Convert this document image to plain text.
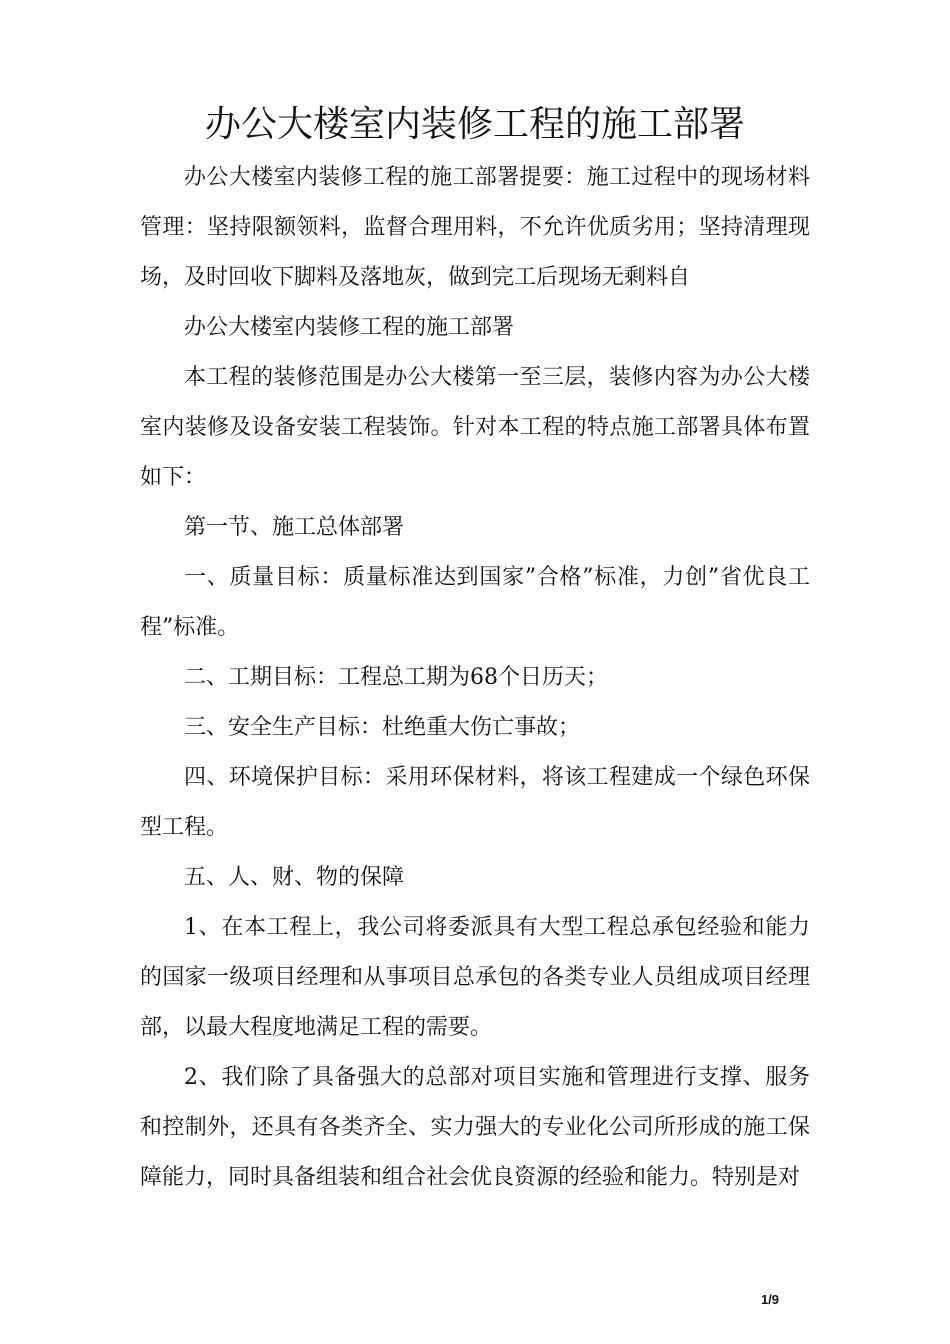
办公大楼室内装修工程的施工部署

办公大楼室内装修工程的施工部署提要：施工过程中的现场材料管理：坚持限额领料，监督合理用料，不允许优质劣用；坚持清理现场，及时回收下脚料及落地灰，做到完工后现场无剩料自

办公大楼室内装修工程的施工部署

本工程的装修范围是办公大楼第一至三层，装修内容为办公大楼室内装修及设备安装工程装饰。针对本工程的特点施工部署具体布置如下：

第一节、施工总体部署

一、质量目标：质量标准达到国家”合格”标准，力创”省优良工程”标准。

二、工期目标：工程总工期为68个日历天；

三、安全生产目标：杜绝重大伤亡事故；

四、环境保护目标：采用环保材料，将该工程建成一个绿色环保型工程。

五、人、财、物的保障

1、在本工程上，我公司将委派具有大型工程总承包经验和能力的国家一级项目经理和从事项目总承包的各类专业人员组成项目经理部，以最大程度地满足工程的需要。

2、我们除了具备强大的总部对项目实施和管理进行支撑、服务和控制外，还具有各类齐全、实力强大的专业化公司所形成的施工保障能力，同时具备组装和组合社会优良资源的经验和能力。特别是对

1/9
